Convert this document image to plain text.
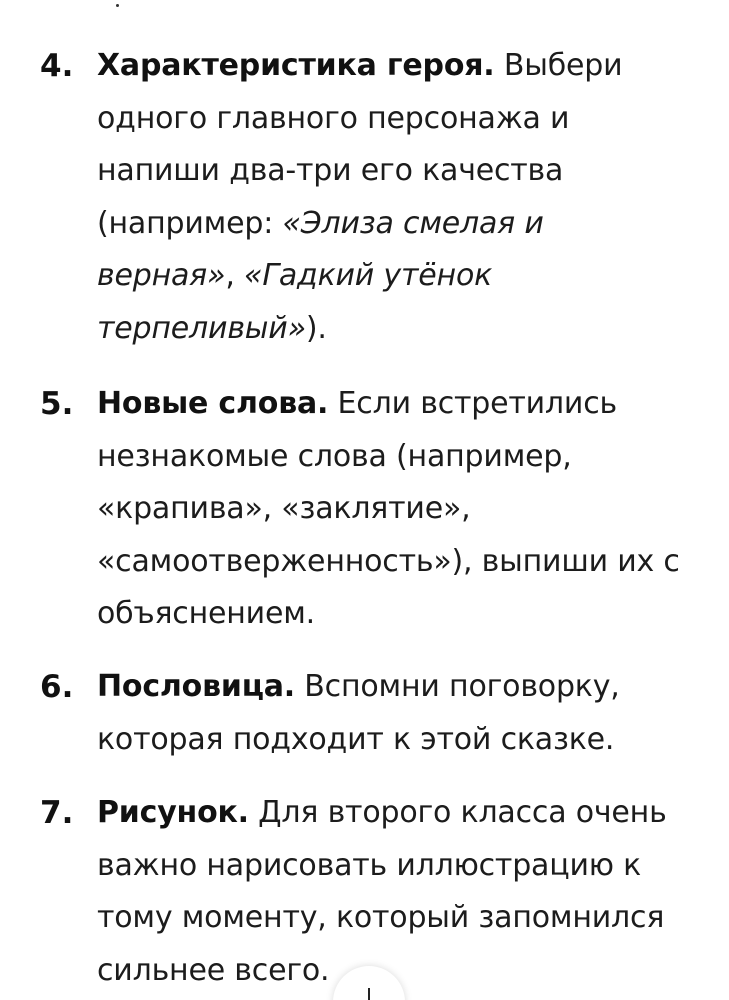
4. Характеристика героя. Выбери
одного главного персонажа и
напиши два-три его качества
(например: «Элиза смелая и
верная», «Гадкий утёнок
терпеливый»).
5. Новые слова. Если встретились
незнакомые слова (например,
«крапива», «заклятие»,
«самоотверженность»), выпиши их с
объяснением.
6. Пословица. Вспомни поговорку,
которая подходит к этой сказке.
7. Рисунок. Для второго класса очень
важно нарисовать иллюстрацию к
тому моменту, который запомнился
сильнее всего.
